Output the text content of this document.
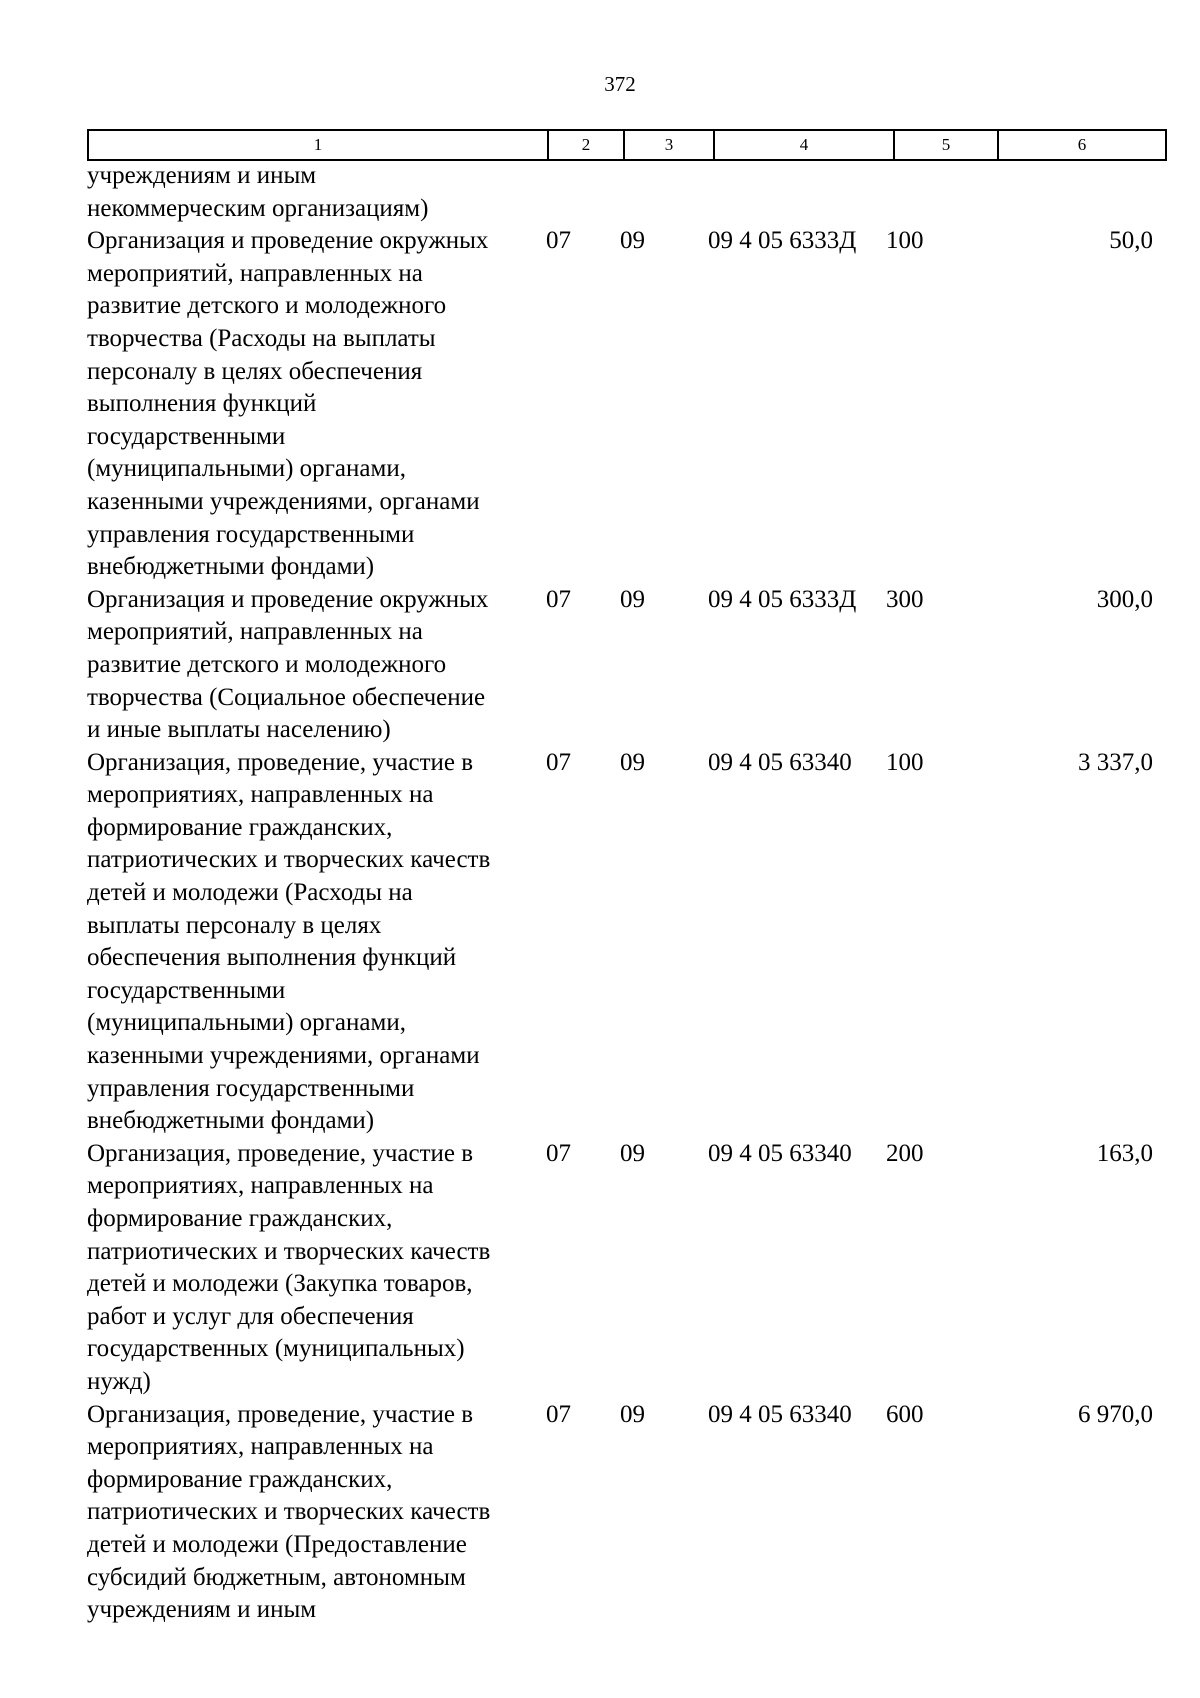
372
1	2	3	4	5	6
учреждениям и иным
некоммерческим организациям)
Организация и проведение окружных
мероприятий, направленных на
развитие детского и молодежного
творчества (Расходы на выплаты
персоналу в целях обеспечения
выполнения функций
государственными
(муниципальными) органами,
казенными учреждениями, органами
управления государственными
внебюджетными фондами)
07 09	09 4 05 6333Д 100	50,0
Организация и проведение окружных
мероприятий, направленных на
развитие детского и молодежного
творчества (Социальное обеспечение
и иные выплаты населению)
07 09	09 4 05 6333Д 300	300,0
Организация, проведение, участие в
мероприятиях, направленных на
формирование гражданских,
патриотических и творческих качеств
детей и молодежи (Расходы на
выплаты персоналу в целях
обеспечения выполнения функций
государственными
(муниципальными) органами,
казенными учреждениями, органами
управления государственными
внебюджетными фондами)
07 09	09 4 05 63340 100	3 337,0
Организация, проведение, участие в
мероприятиях, направленных на
формирование гражданских,
патриотических и творческих качеств
детей и молодежи (Закупка товаров,
работ и услуг для обеспечения
государственных (муниципальных)
нужд)
07 09	09 4 05 63340 200	163,0
Организация, проведение, участие в
мероприятиях, направленных на
формирование гражданских,
патриотических и творческих качеств
детей и молодежи (Предоставление
субсидий бюджетным, автономным
учреждениям и иным
07 09	09 4 05 63340 600	6 970,0
